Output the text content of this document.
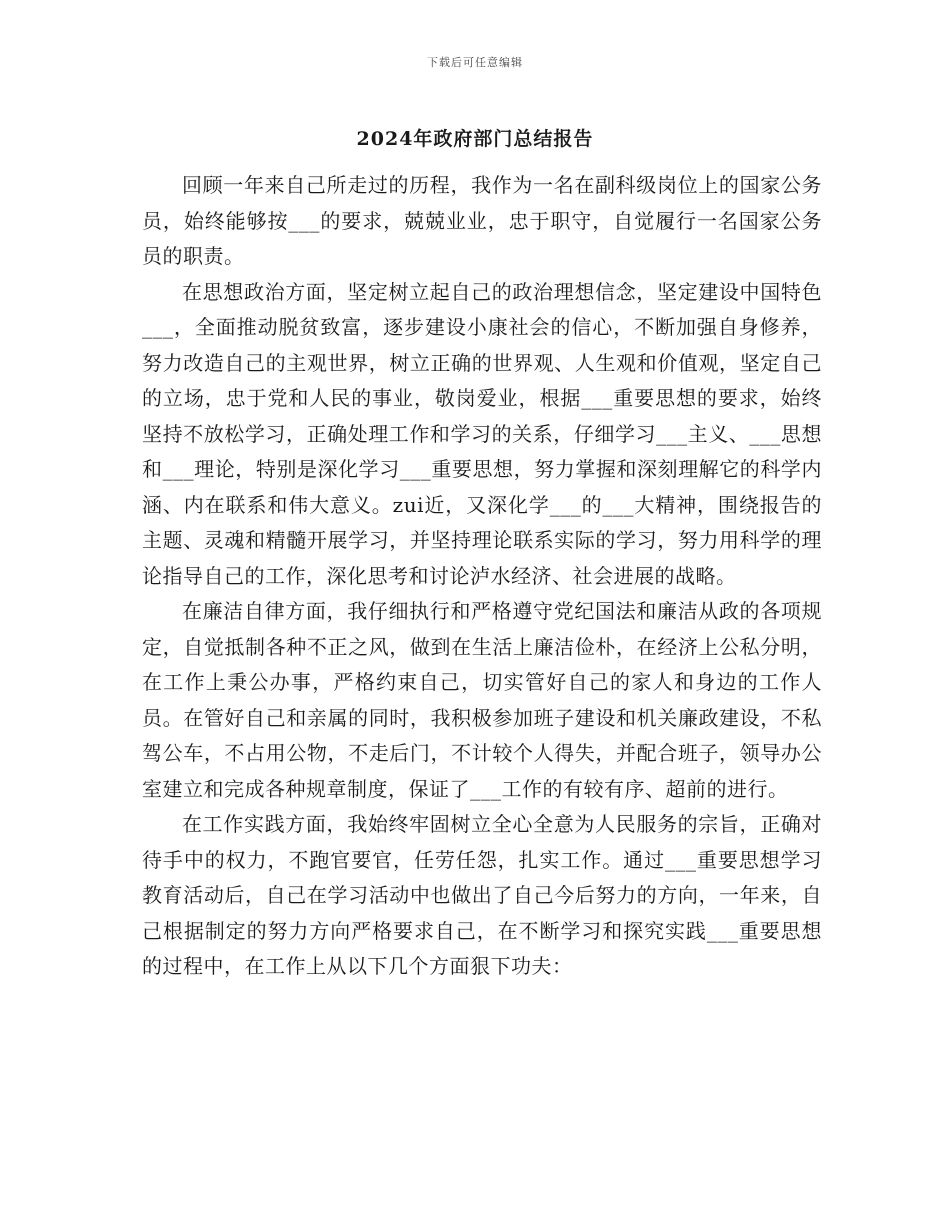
下载后可任意编辑
2024年政府部门总结报告

回顾一年来自己所走过的历程，我作为一名在副科级岗位上的国家公务员，始终能够按___的要求，兢兢业业，忠于职守，自觉履行一名国家公务员的职责。

在思想政治方面，坚定树立起自己的政治理想信念，坚定建设中国特色___，全面推动脱贫致富，逐步建设小康社会的信心，不断加强自身修养，努力改造自己的主观世界，树立正确的世界观、人生观和价值观，坚定自己的立场，忠于党和人民的事业，敬岗爱业，根据___重要思想的要求，始终坚持不放松学习，正确处理工作和学习的关系，仔细学习___主义、___思想和___理论，特别是深化学习___重要思想，努力掌握和深刻理解它的科学内涵、内在联系和伟大意义。zui近，又深化学___的___大精神，围绕报告的主题、灵魂和精髓开展学习，并坚持理论联系实际的学习，努力用科学的理论指导自己的工作，深化思考和讨论泸水经济、社会进展的战略。

在廉洁自律方面，我仔细执行和严格遵守党纪国法和廉洁从政的各项规定，自觉抵制各种不正之风，做到在生活上廉洁俭朴，在经济上公私分明，在工作上秉公办事，严格约束自己，切实管好自己的家人和身边的工作人员。在管好自己和亲属的同时，我积极参加班子建设和机关廉政建设，不私驾公车，不占用公物，不走后门，不计较个人得失，并配合班子，领导办公室建立和完成各种规章制度，保证了___工作的有较有序、超前的进行。

在工作实践方面，我始终牢固树立全心全意为人民服务的宗旨，正确对待手中的权力，不跑官要官，任劳任怨，扎实工作。通过___重要思想学习教育活动后，自己在学习活动中也做出了自己今后努力的方向，一年来，自己根据制定的努力方向严格要求自己，在不断学习和探究实践___重要思想的过程中，在工作上从以下几个方面狠下功夫：
